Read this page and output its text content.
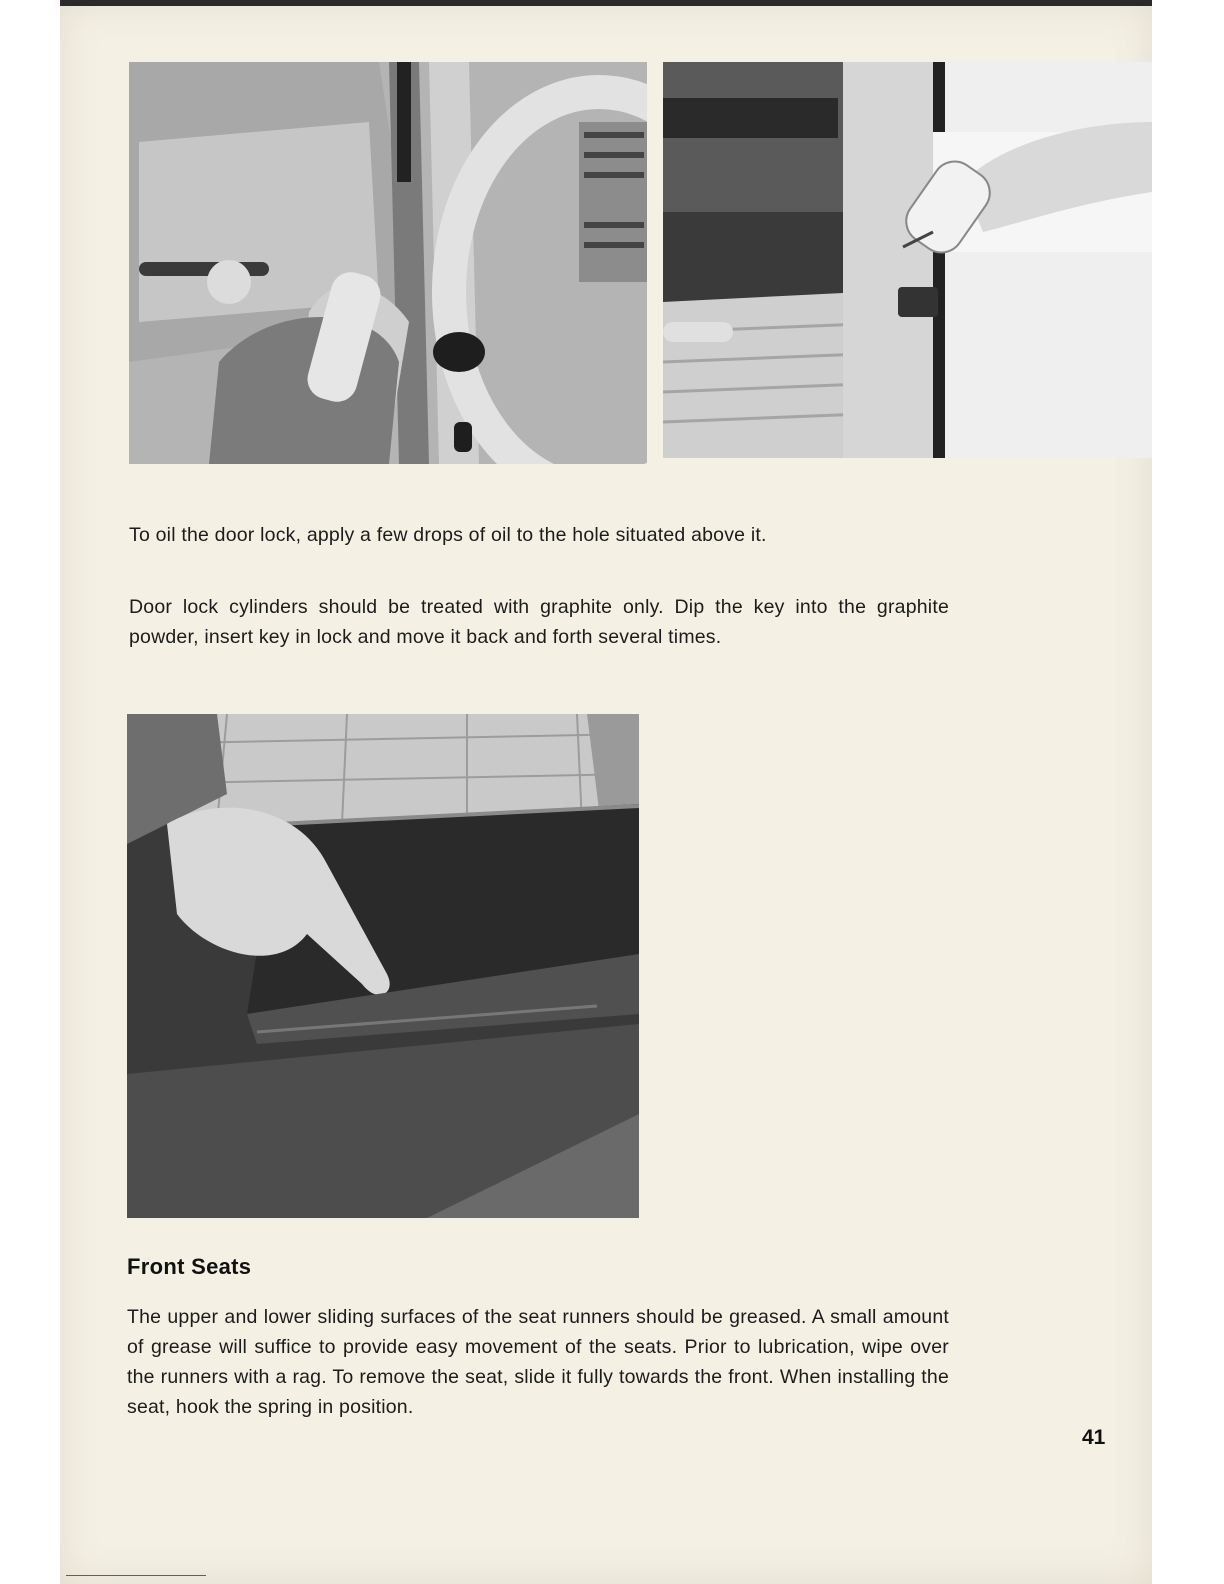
To oil the door lock, apply a few drops of oil to the hole situated above it.

Door lock cylinders should be treated with graphite only. Dip the key into the graphite powder, insert key in lock and move it back and forth several times.

Front Seats

The upper and lower sliding surfaces of the seat runners should be greased. A small amount of grease will suffice to provide easy movement of the seats. Prior to lubrication, wipe over the runners with a rag. To remove the seat, slide it fully towards the front. When installing the seat, hook the spring in position.

41
